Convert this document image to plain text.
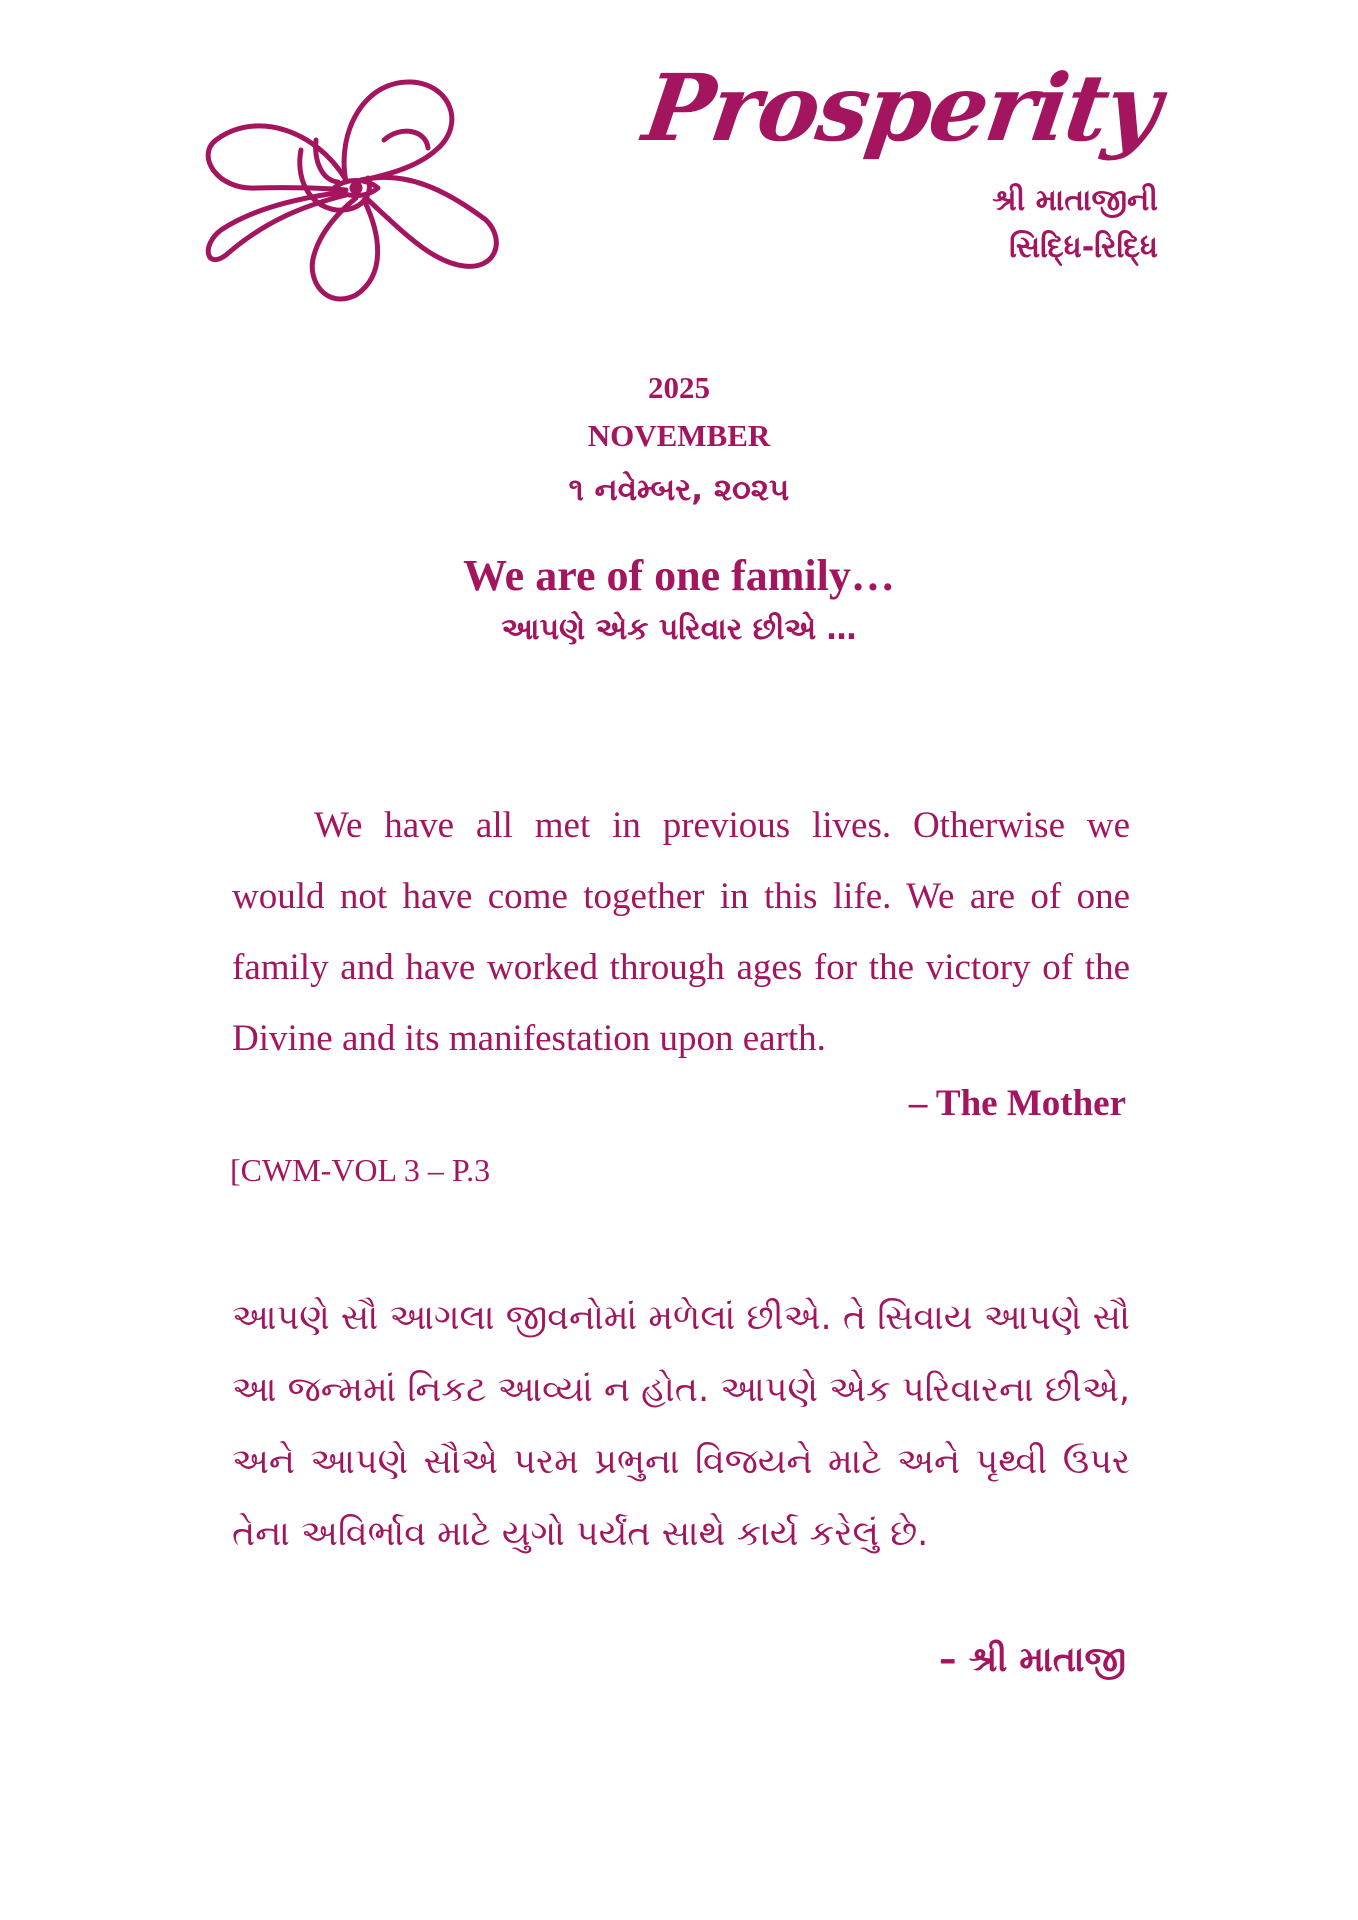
Prosperity
શ્રી માતાજીની
સિદ્ધિ-રિદ્ધિ
2025
NOVEMBER
૧ નવેમ્બર, ૨૦૨૫
We are of one family…
આપણે એક પરિવાર છીએ …

We have all met in previous lives. Otherwise we would not have come together in this life. We are of one family and have worked through ages for the victory of the Divine and its manifestation upon earth.

– The Mother
[CWM-VOL 3 – P.3

આપણે સૌ આગલા જીવનોમાં મળેલાં છીએ. તે સિવાય આપણે સૌ આ જન્મમાં નિકટ આવ્યાં ન હોત. આપણે એક પરિવારના છીએ, અને આપણે સૌએ પરમ પ્રભુના વિજયને માટે અને પૃથ્વી ઉપર તેના અવિર્ભાવ માટે યુગો પર્યંત સાથે કાર્ય કરેલું છે.

– શ્રી માતાજી
